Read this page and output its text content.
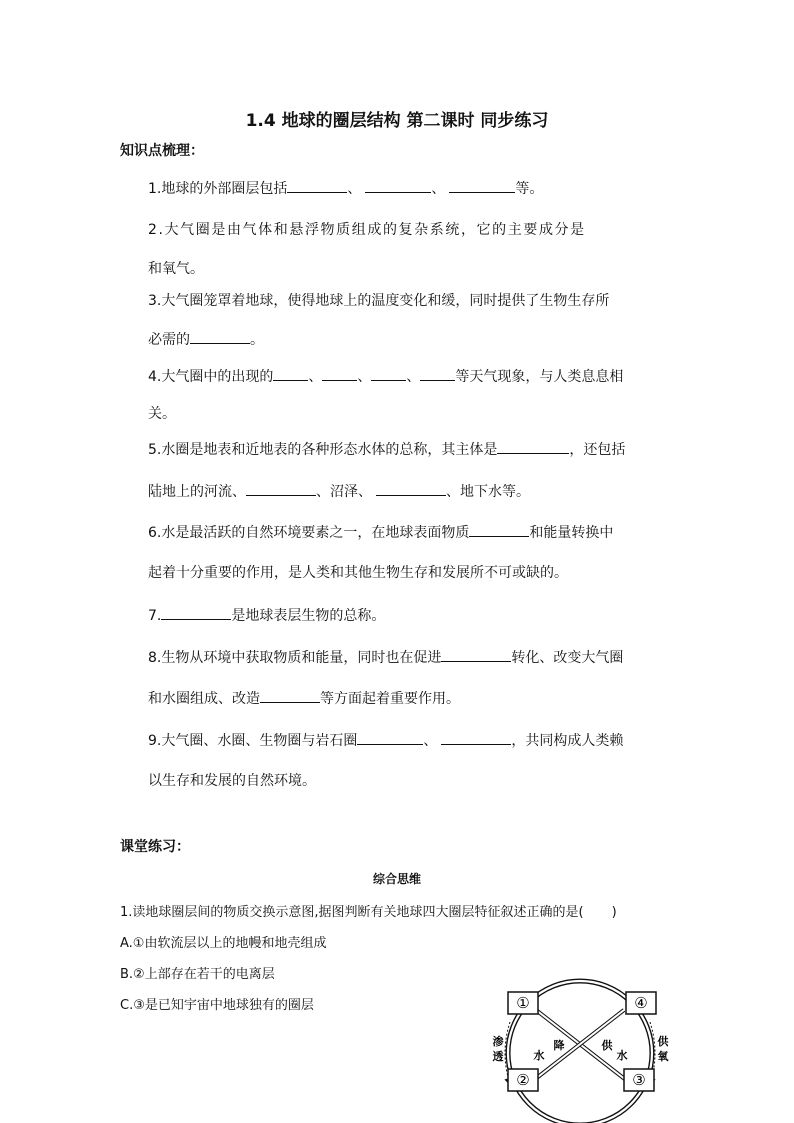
1.4 地球的圈层结构 第二课时 同步练习
知识点梳理：
1.地球的外部圈层包括	、	、	等。
2.大气圈是由气体和悬浮物质组成的复杂系统，它的主要成分是
和氧气。
3.大气圈笼罩着地球，使得地球上的温度变化和缓，同时提供了生物生存所
必需的	。
4.大气圈中的出现的	、	、	、	等天气现象，与人类息息相
关。
5.水圈是地表和近地表的各种形态水体的总称，其主体是	，还包括
陆地上的河流、	、沼泽、	、地下水等。
6.水是最活跃的自然环境要素之一，在地球表面物质	和能量转换中
起着十分重要的作用，是人类和其他生物生存和发展所不可或缺的。
7.	是地球表层生物的总称。
8.生物从环境中获取物质和能量，同时也在促进	转化、改变大气圈
和水圈组成、改造	等方面起着重要作用。
9.大气圈、水圈、生物圈与岩石圈	、	，共同构成人类赖
以生存和发展的自然环境。
课堂练习：
综合思维
1.读地球圈层间的物质交换示意图,据图判断有关地球四大圈层特征叙述正确的是( )
A.①由软流层以上的地幔和地壳组成
B.②上部存在若干的电离层
C.③是已知宇宙中地球独有的圈层	①	④
②	③
渗
透
供
氧
降
水
供
水
